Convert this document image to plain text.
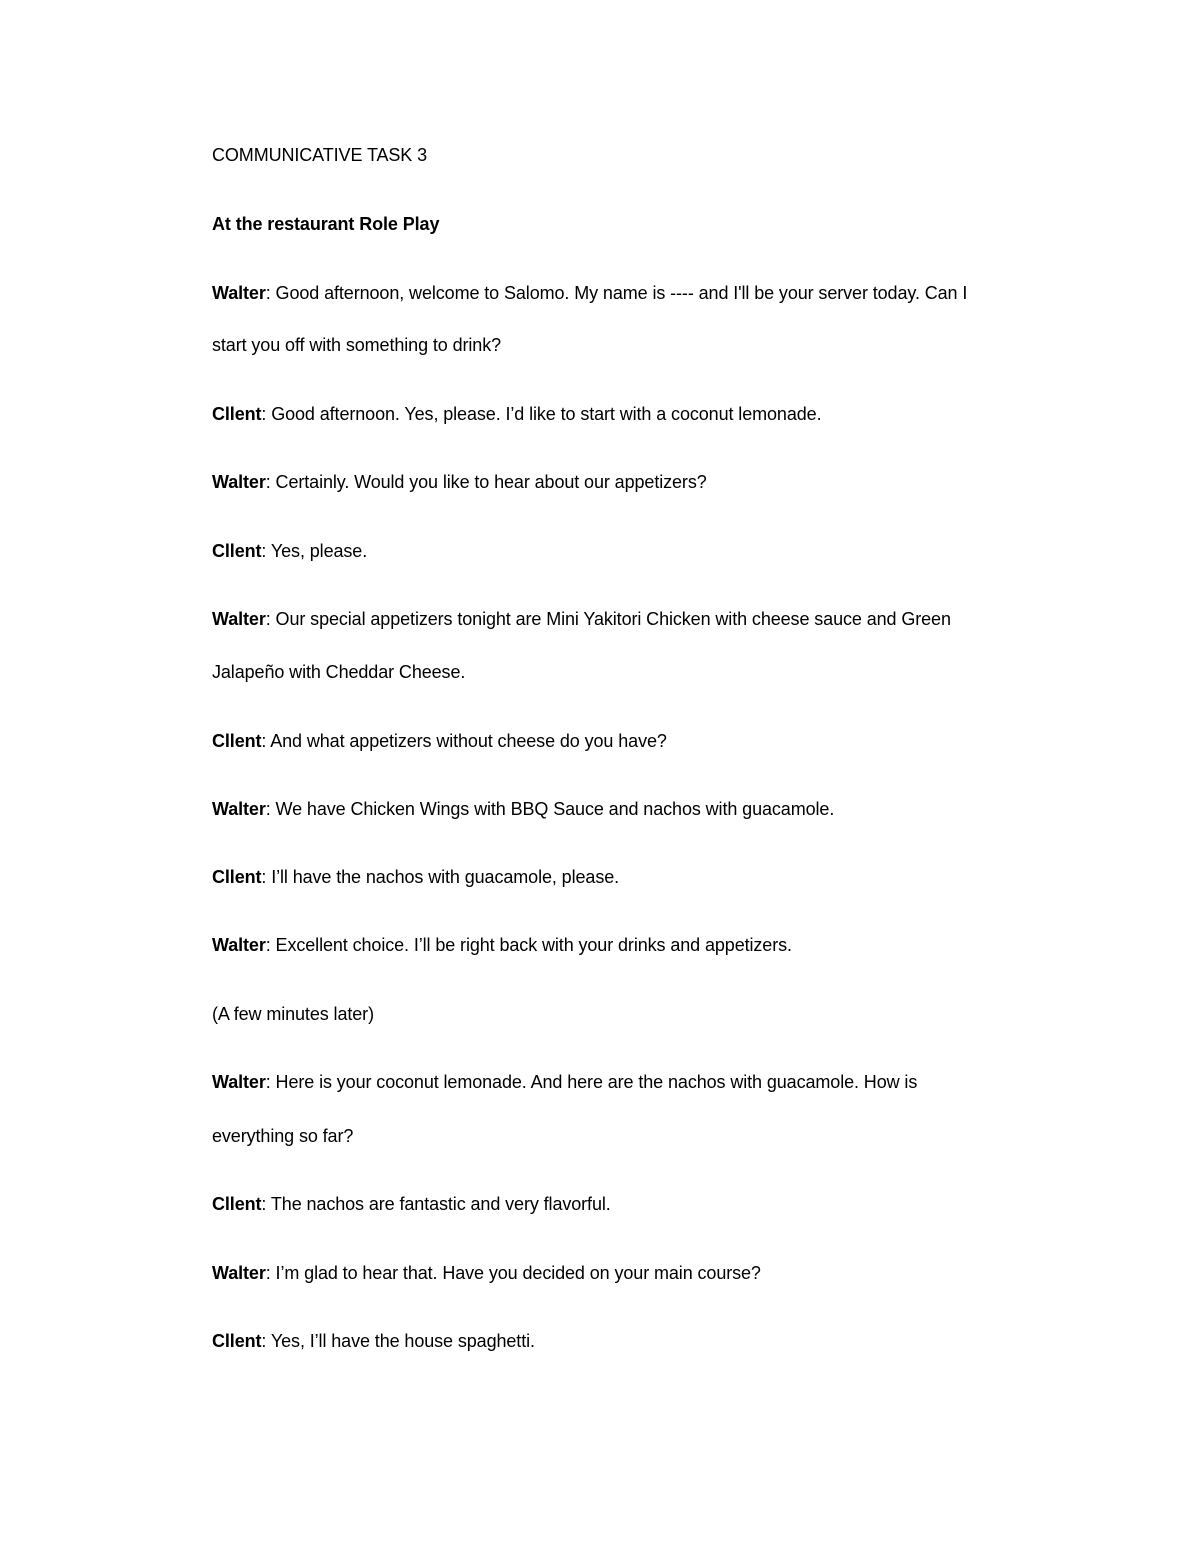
COMMUNICATIVE TASK 3
At the restaurant Role Play
Walter: Good afternoon, welcome to Salomo. My name is ---- and I'll be your server today. Can I
start you off with something to drink?
Cllent: Good afternoon. Yes, please. I’d like to start with a coconut lemonade.
Walter: Certainly. Would you like to hear about our appetizers?
Cllent: Yes, please.
Walter: Our special appetizers tonight are Mini Yakitori Chicken with cheese sauce and Green
Jalapeño with Cheddar Cheese.
Cllent: And what appetizers without cheese do you have?
Walter: We have Chicken Wings with BBQ Sauce and nachos with guacamole.
Cllent: I’ll have the nachos with guacamole, please.
Walter: Excellent choice. I’ll be right back with your drinks and appetizers.
(A few minutes later)
Walter: Here is your coconut lemonade. And here are the nachos with guacamole. How is
everything so far?
Cllent: The nachos are fantastic and very flavorful.
Walter: I’m glad to hear that. Have you decided on your main course?
Cllent: Yes, I’ll have the house spaghetti.
